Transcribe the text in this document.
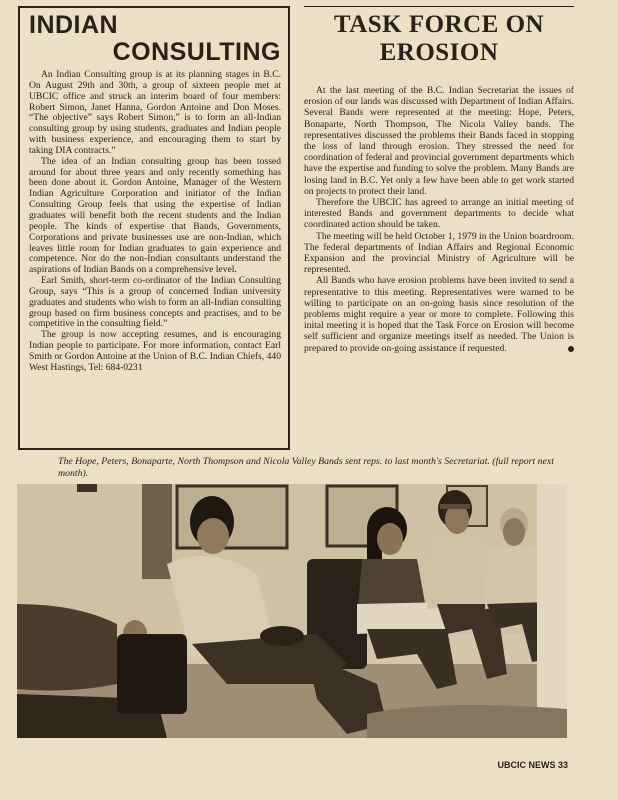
INDIAN
CONSULTING

An Indian Consulting group is at its planning stages in B.C. On August 29th and 30th, a group of sixteen people met at UBCIC office and struck an interim board of four members: Robert Simon, Janet Hanna, Gordon Antoine and Don Moses. “The objective” says Robert Simon,” is to form an all-Indian consulting group by using students, graduates and Indian people with business experience, and encouraging them to start by taking DIA contracts.”

The idea of an Indian consulting group has been tossed around for about three years and only recently something has been done about it. Gordon Antoine, Manager of the Western Indian Agriculture Corporation and initiator of the Indian Consulting Group feels that using the expertise of Indian graduates will benefit both the recent students and the Indian people. The kinds of expertise that Bands, Governments, Corporations and private businesses use are non-Indian, which leaves little room for Indian graduates to gain experience and competence. Nor do the non-Indian consultants understand the aspirations of Indian Bands on a comprehensive level.

Earl Smith, short-term co-ordinator of the Indian Consulting Group, says “This is a group of concerned Indian university graduates and students who wish to form an all-Indian consulting group based on firm business concepts and practises, and to be competitive in the consulting field.”

The group is now accepting resumes, and is encouraging Indian people to participate. For more information, contact Earl Smith or Gordon Antoine at the Union of B.C. Indian Chiefs, 440 West Hastings, Tel: 684-0231

TASK FORCE ON
EROSION

At the last meeting of the B.C. Indian Secretariat the issues of erosion of our lands was discussed with Department of Indian Affairs. Several Bands were represented at the meeting: Hope, Peters, Bonaparte, North Thompson, The Nicola Valley bands. The representatives discussed the problems their Bands faced in stopping the loss of land through erosion. They stressed the need for coordination of federal and provincial government departments which have the expertise and funding to solve the problem. Many Bands are losing land in B.C. Yet only a few have been able to get work started on projects to protect their land.

Therefore the UBCIC has agreed to arrange an initial meeting of interested Bands and government departments to decide what coordinated action should be taken.

The meeting will be held October 1, 1979 in the Union boardroom. The federal departments of Indian Affairs and Regional Economic Expansion and the provincial Ministry of Agriculture will be represented.

All Bands who have erosion problems have been invited to send a representative to this meeting. Representatives were warned to be willing to participate on an on-going basis since resolution of the problems might require a year or more to complete. Following this inital meeting it is hoped that the Task Force on Erosion will become self sufficient and organize meetings itself as needed. The Union is prepared to provide on-going assistance if requested.

The Hope, Peters, Bonaparte, North Thompson and Nicola Valley Bands sent reps. to last month's Secretariat. (full report next month).
UBCIC NEWS 33
